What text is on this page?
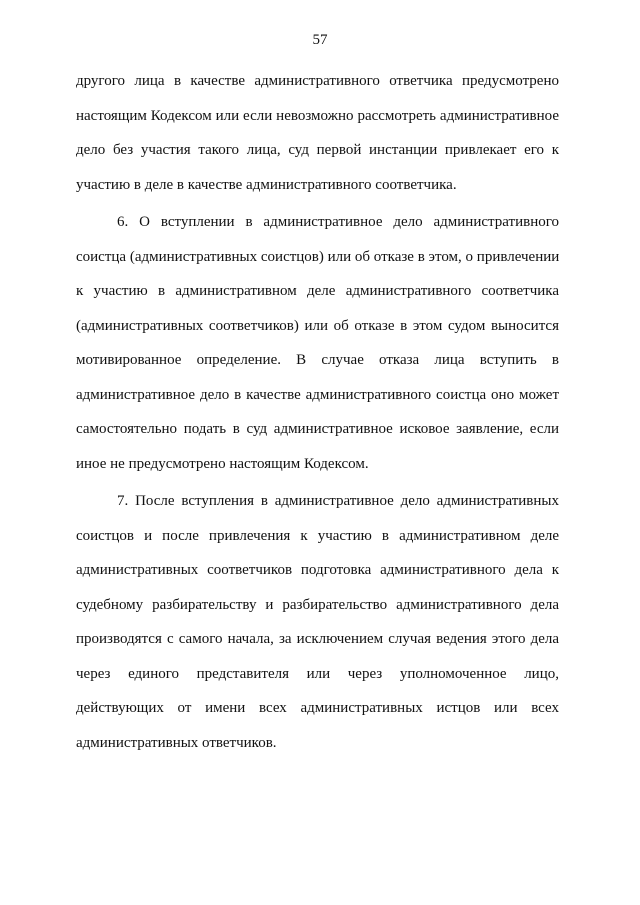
57
другого лица в качестве административного ответчика предусмотрено
настоящим Кодексом или если невозможно рассмотреть административное
дело без участия такого лица, суд первой инстанции привлекает его к
участию в деле в качестве административного соответчика.
6. О вступлении в административное дело административного
соистца (административных соистцов) или об отказе в этом, о привлечении
к участию в административном деле административного соответчика
(административных соответчиков) или об отказе в этом судом выносится
мотивированное определение. В случае отказа лица вступить в
административное дело в качестве административного соистца оно может
самостоятельно подать в суд административное исковое заявление, если
иное не предусмотрено настоящим Кодексом.
7. После вступления в административное дело административных
соистцов и после привлечения к участию в административном деле
административных соответчиков подготовка административного дела к
судебному разбирательству и разбирательство административного дела
производятся с самого начала, за исключением случая ведения этого дела
через единого представителя или через уполномоченное лицо,
действующих от имени всех административных истцов или всех
административных ответчиков.
